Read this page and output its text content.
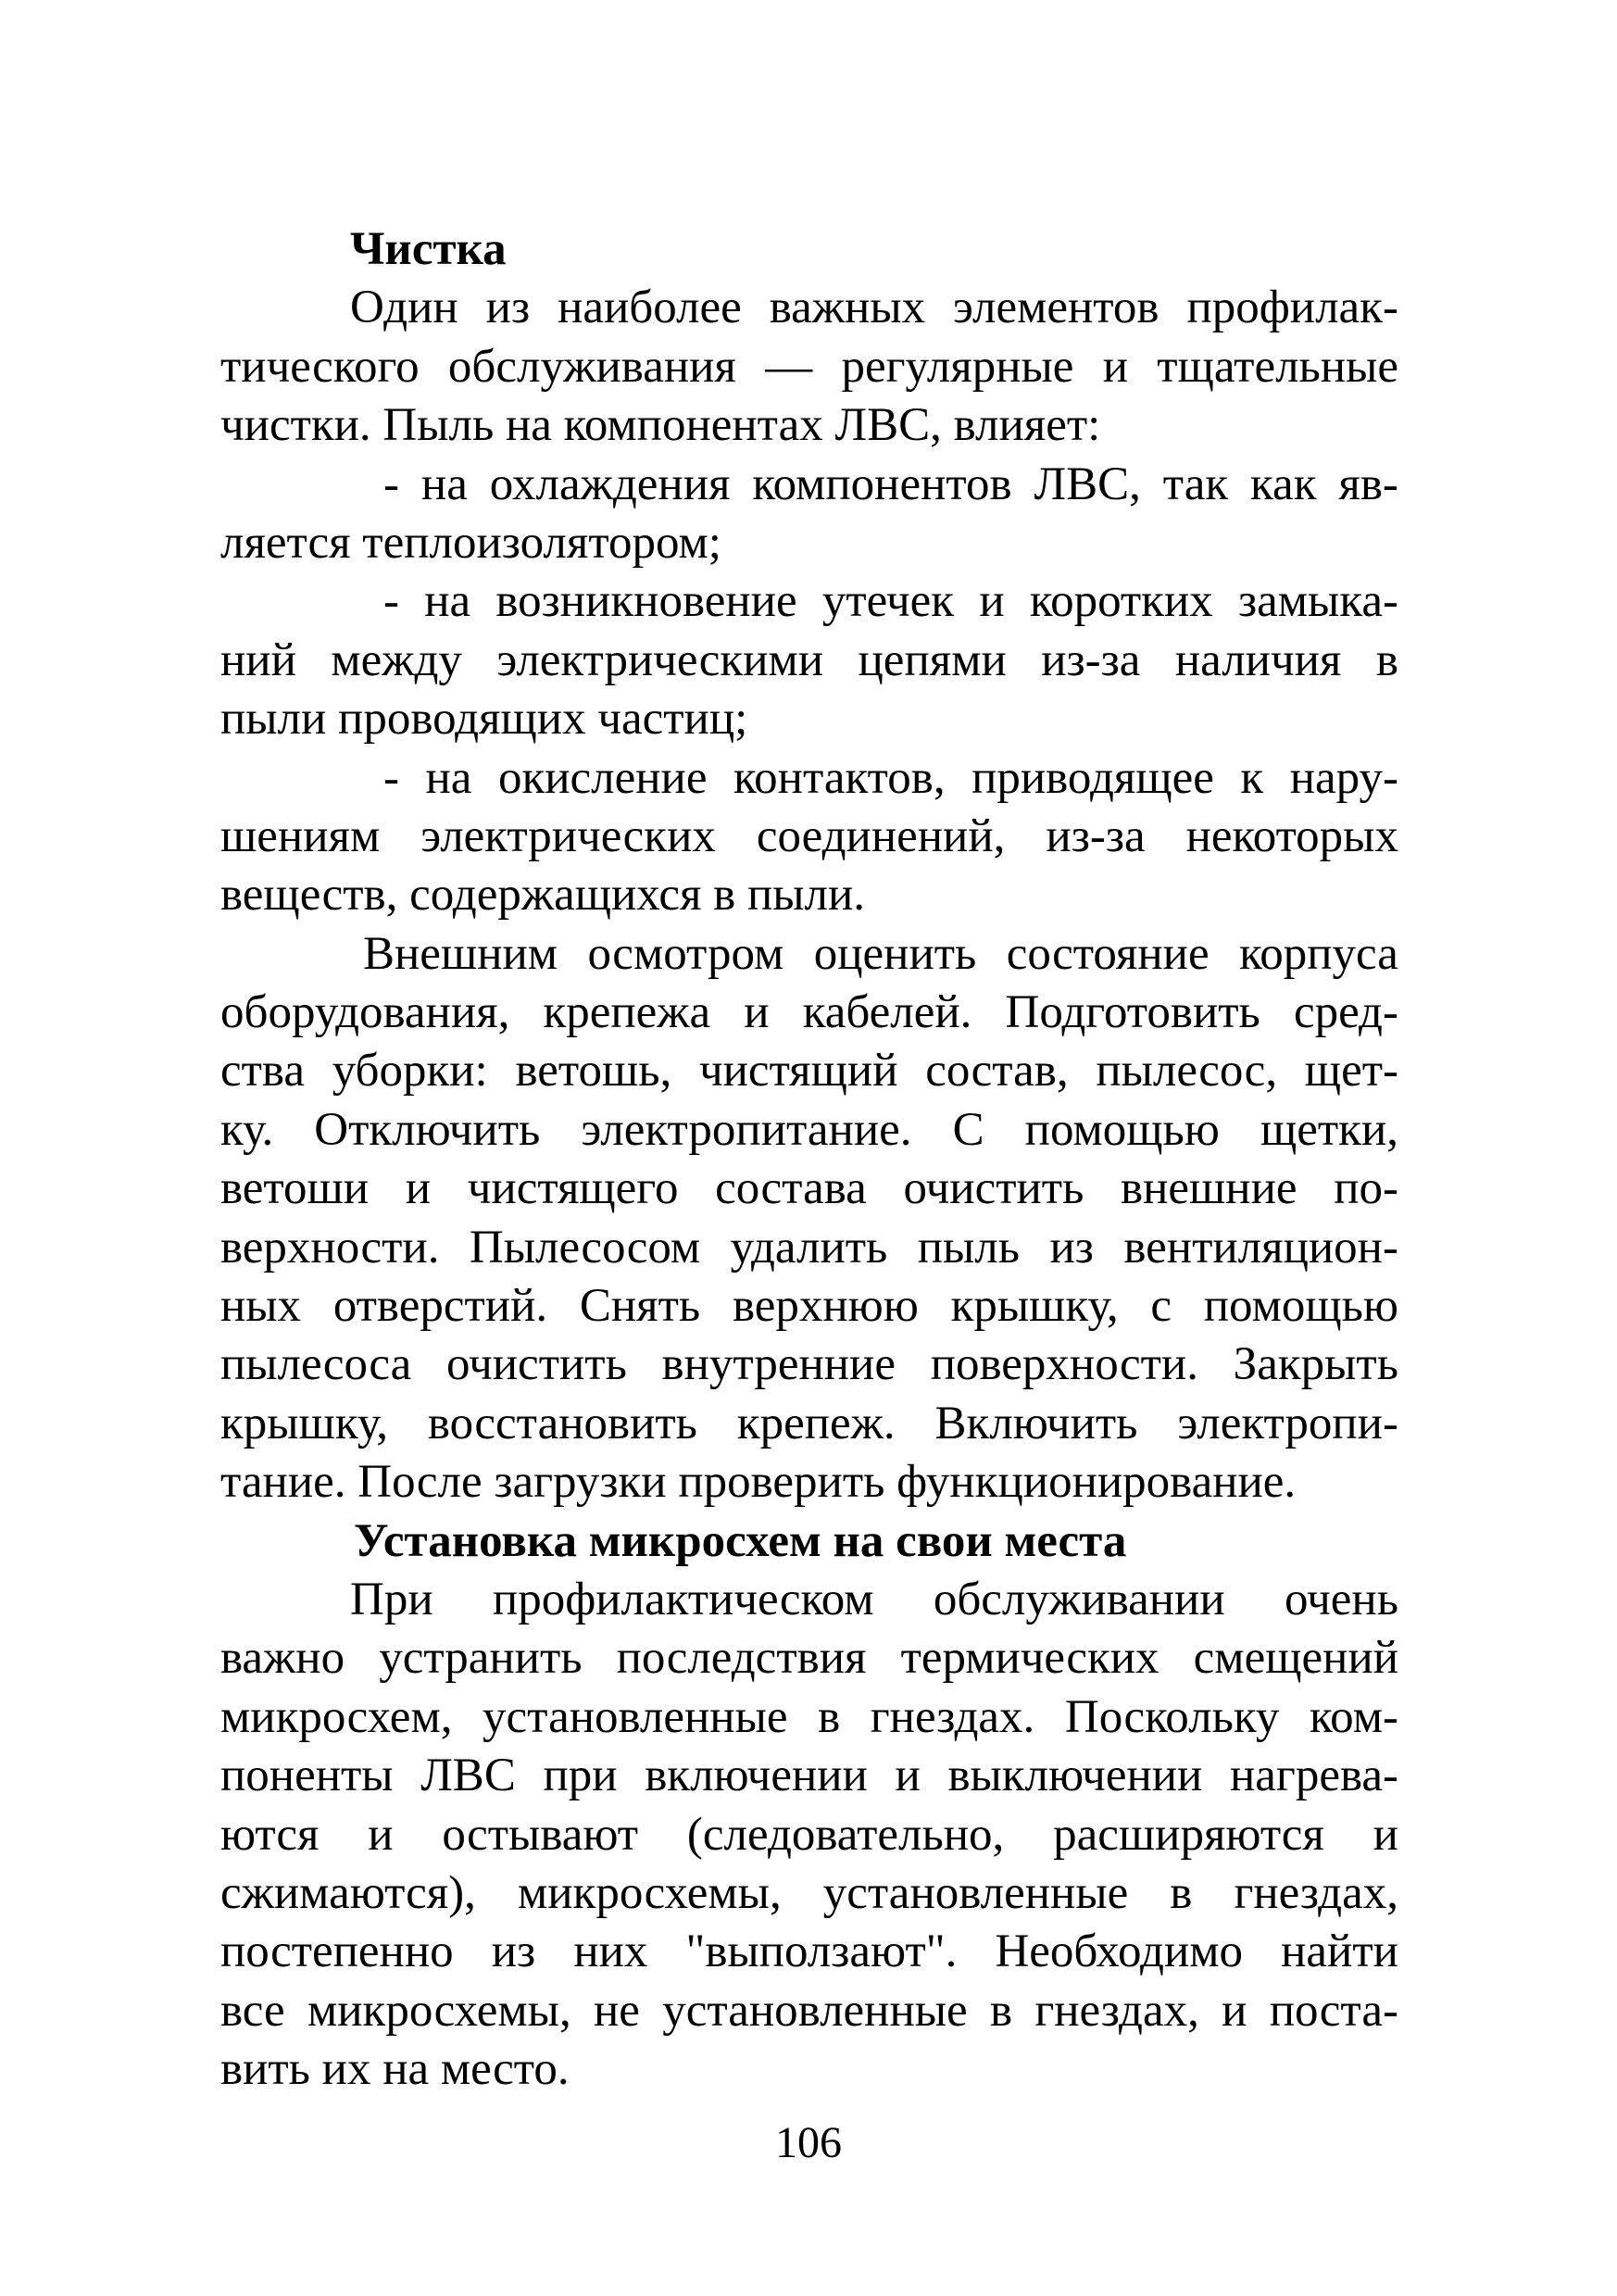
Чистка
Один из наиболее важных элементов профилак-
тического обслуживания — регулярные и тщательные
чистки. Пыль на компонентах ЛВС, влияет:
- на охлаждения компонентов ЛВС, так как яв-
ляется теплоизолятором;
- на возникновение утечек и коротких замыка-
ний между электрическими цепями из-за наличия в
пыли проводящих частиц;
- на окисление контактов, приводящее к нару-
шениям электрических соединений, из-за некоторых
веществ, содержащихся в пыли.
Внешним осмотром оценить состояние корпуса
оборудования, крепежа и кабелей. Подготовить сред-
ства уборки: ветошь, чистящий состав, пылесос, щет-
ку. Отключить электропитание. С помощью щетки,
ветоши и чистящего состава очистить внешние по-
верхности. Пылесосом удалить пыль из вентиляцион-
ных отверстий. Снять верхнюю крышку, с помощью
пылесоса очистить внутренние поверхности. Закрыть
крышку, восстановить крепеж. Включить электропи-
тание. После загрузки проверить функционирование.
Установка микросхем на свои места
При профилактическом обслуживании очень
важно устранить последствия термических смещений
микросхем, установленные в гнездах. Поскольку ком-
поненты ЛВС при включении и выключении нагрева-
ются и остывают (следовательно, расширяются и
сжимаются), микросхемы, установленные в гнездах,
постепенно из них "выползают". Необходимо найти
все микросхемы, не установленные в гнездах, и поста-
вить их на место.
106
